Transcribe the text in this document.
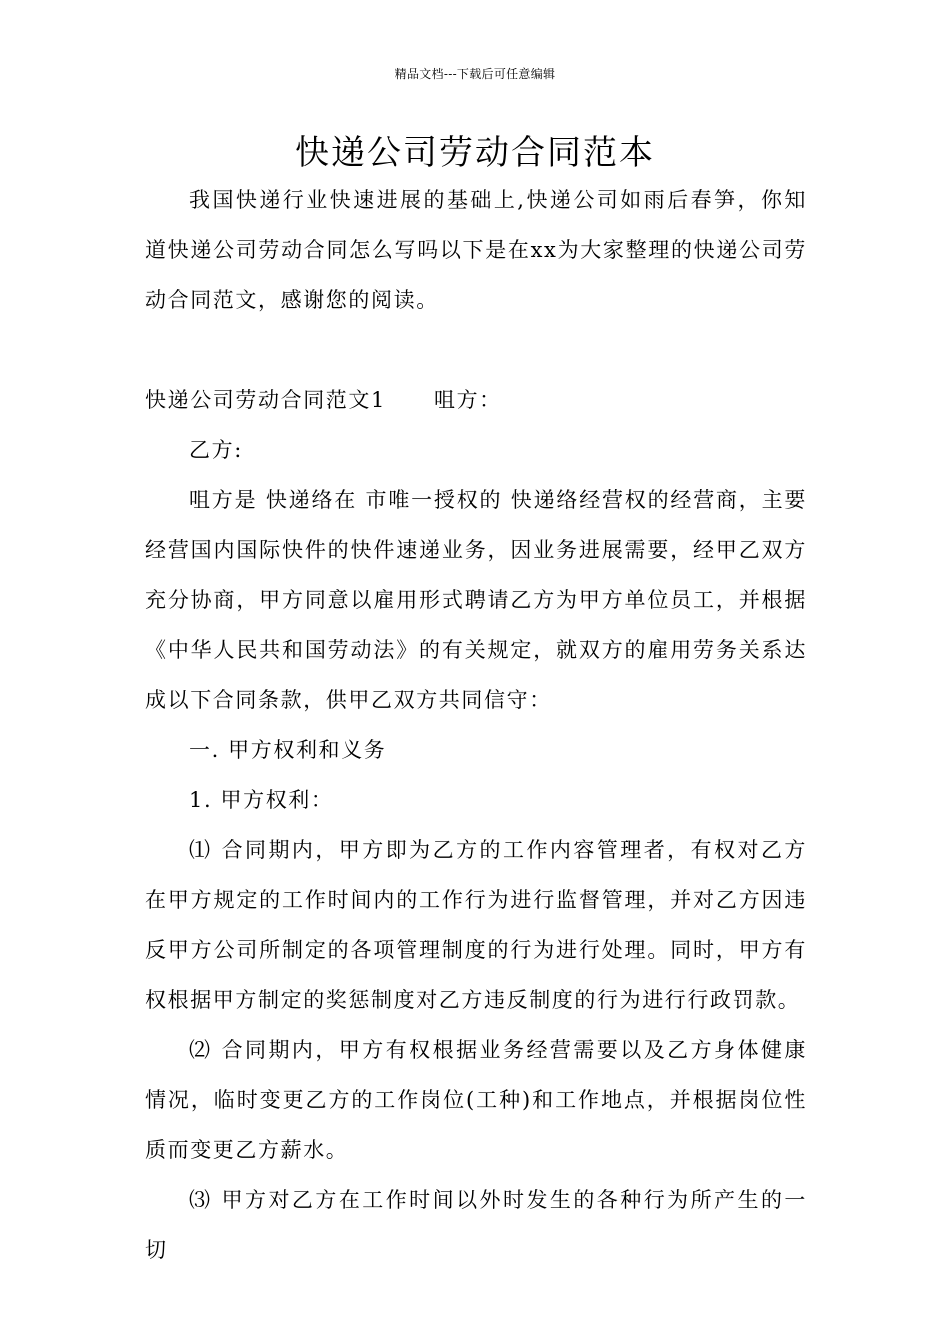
精品文档---下载后可任意编辑
快递公司劳动合同范本

我国快递行业快速进展的基础上,快递公司如雨后春笋，你知道快递公司劳动合同怎么写吗以下是在xx为大家整理的快递公司劳动合同范文，感谢您的阅读。

快递公司劳动合同范文1 咀方：

乙方:

咀方是 快递络在 市唯一授权的 快递络经营权的经营商，主要经营国内国际快件的快件速递业务，因业务进展需要，经甲乙双方充分协商，甲方同意以雇用形式聘请乙方为甲方单位员工，并根据《中华人民共和国劳动法》的有关规定，就双方的雇用劳务关系达成以下合同条款，供甲乙双方共同信守：

一. 甲方权利和义务

1. 甲方权利：

⑴ 合同期内，甲方即为乙方的工作内容管理者，有权对乙方在甲方规定的工作时间内的工作行为进行监督管理，并对乙方因违反甲方公司所制定的各项管理制度的行为进行处理。同时，甲方有权根据甲方制定的奖惩制度对乙方违反制度的行为进行行政罚款。

⑵ 合同期内，甲方有权根据业务经营需要以及乙方身体健康情况，临时变更乙方的工作岗位(工种)和工作地点，并根据岗位性质而变更乙方薪水。

⑶ 甲方对乙方在工作时间以外时发生的各种行为所产生的一切
